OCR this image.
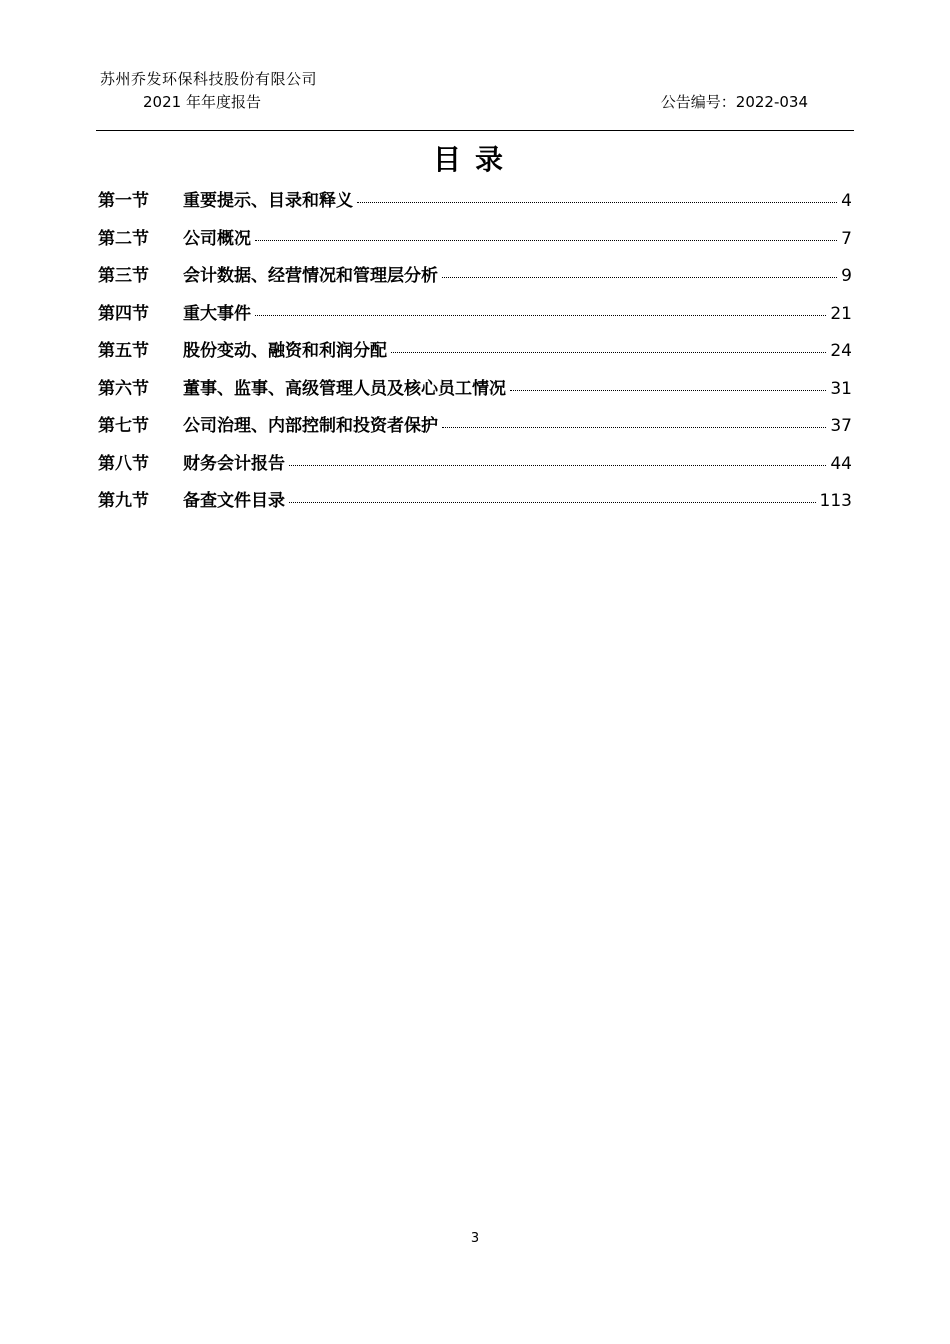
苏州乔发环保科技股份有限公司
2021 年年度报告	公告编号：2022-034
目录
第一节	重要提示、目录和释义	4
第二节	公司概况	7
第三节	会计数据、经营情况和管理层分析	9
第四节	重大事件	21
第五节	股份变动、融资和利润分配	24
第六节	董事、监事、高级管理人员及核心员工情况	31
第七节	公司治理、内部控制和投资者保护	37
第八节	财务会计报告	44
第九节	备查文件目录	113
3
